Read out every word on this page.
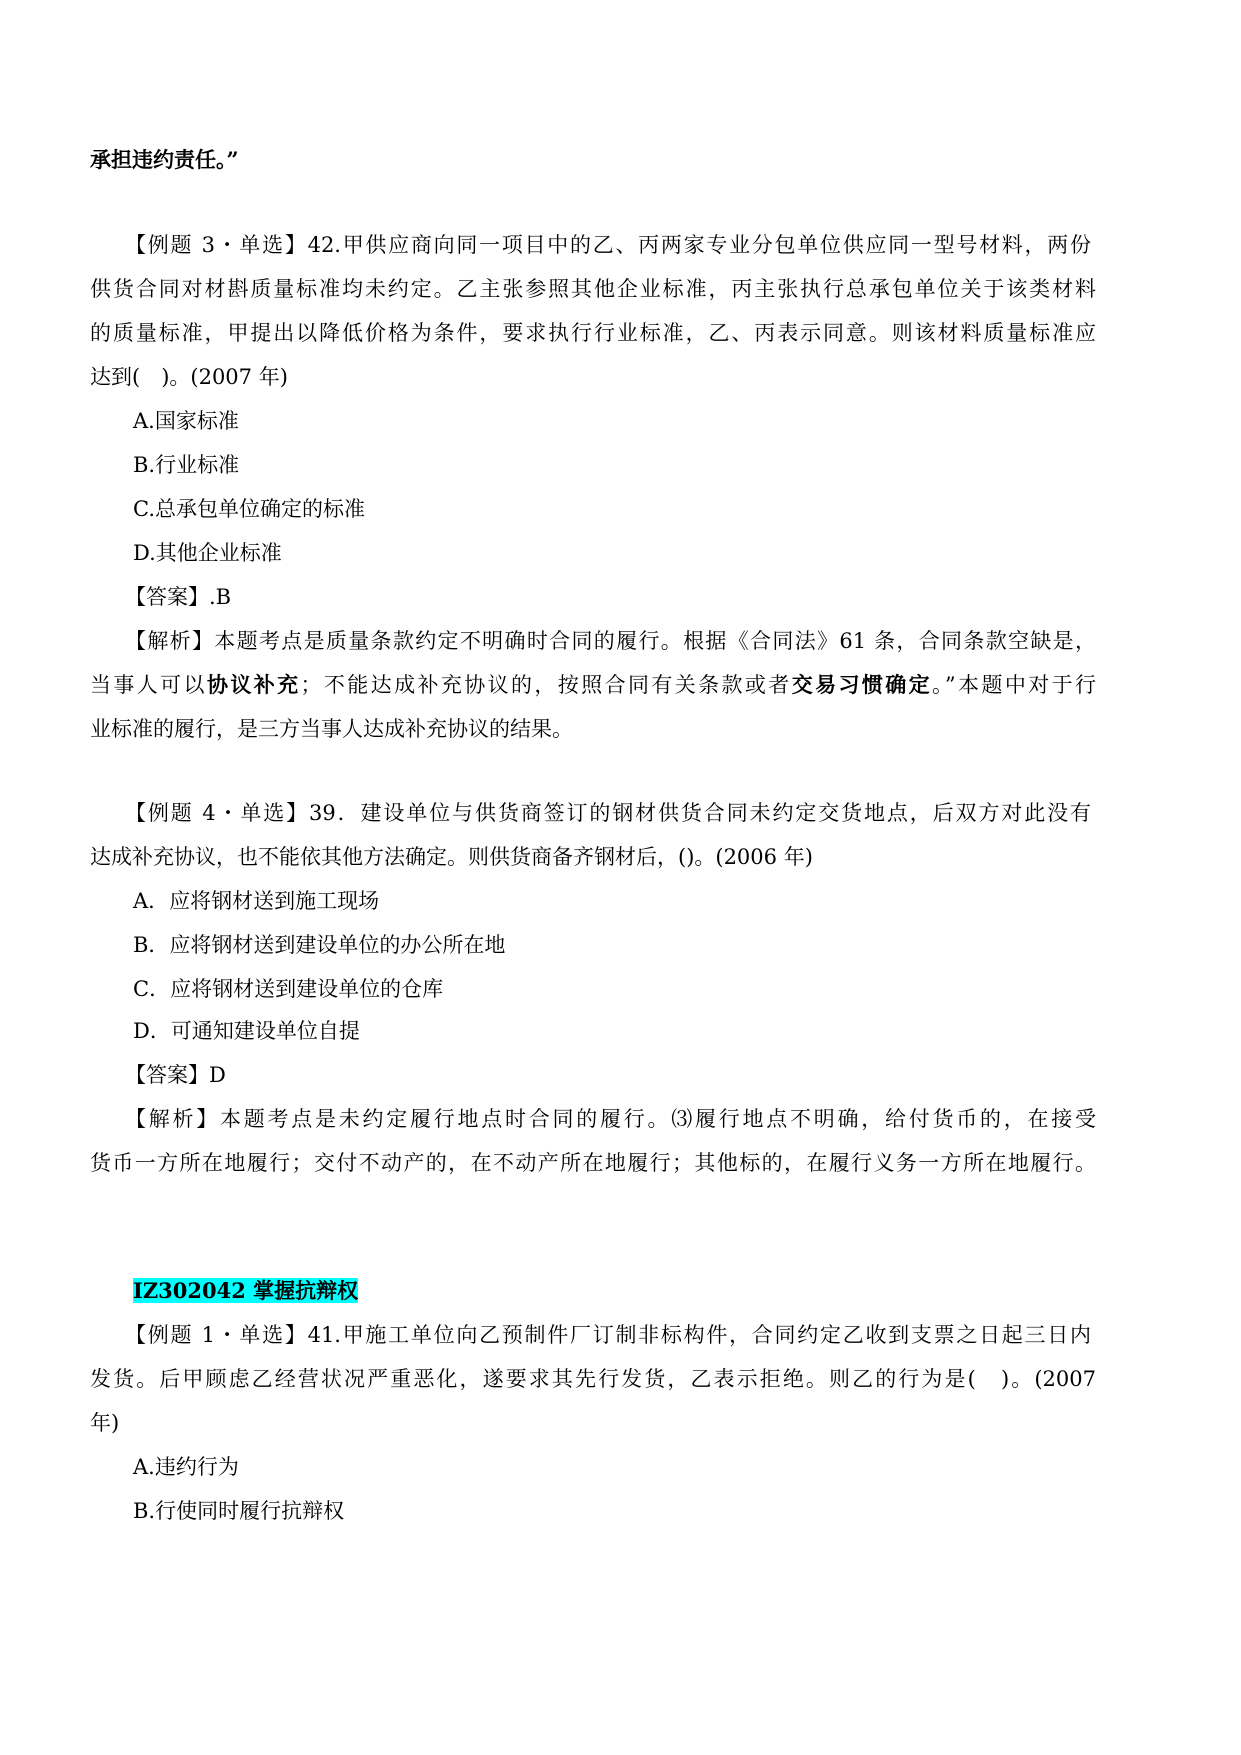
承担违约责任。”
【例题 3・单选】42.甲供应商向同一项目中的乙、丙两家专业分包单位供应同一型号材料，两份
供货合同对材斟质量标准均未约定。乙主张参照其他企业标准，丙主张执行总承包单位关于该类材料
的质量标准，甲提出以降低价格为条件，要求执行行业标准，乙、丙表示同意。则该材料质量标准应
达到(　)。(2007 年)
A.国家标准
B.行业标准
C.总承包单位确定的标准
D.其他企业标准
【答案】.B
【解析】本题考点是质量条款约定不明确时合同的履行。根据《合同法》61 条，合同条款空缺是，
当事人可以协议补充；不能达成补充协议的，按照合同有关条款或者交易习惯确定。”本题中对于行
业标准的履行，是三方当事人达成补充协议的结果。
【例题 4・单选】39．建设单位与供货商签订的钢材供货合同未约定交货地点，后双方对此没有
达成补充协议，也不能依其他方法确定。则供货商备齐钢材后，()。(2006 年)
A．应将钢材送到施工现场
B．应将钢材送到建设单位的办公所在地
C．应将钢材送到建设单位的仓库
D．可通知建设单位自提
【答案】D
【解析】本题考点是未约定履行地点时合同的履行。⑶履行地点不明确，给付货币的，在接受
货币一方所在地履行；交付不动产的，在不动产所在地履行；其他标的，在履行义务一方所在地履行。
IZ302042 掌握抗辩权
【例题 1・单选】41.甲施工单位向乙预制件厂订制非标构件，合同约定乙收到支票之日起三日内
发货。后甲顾虑乙经营状况严重恶化，遂要求其先行发货，乙表示拒绝。则乙的行为是(　)。(2007
年)
A.违约行为
B.行使同时履行抗辩权
